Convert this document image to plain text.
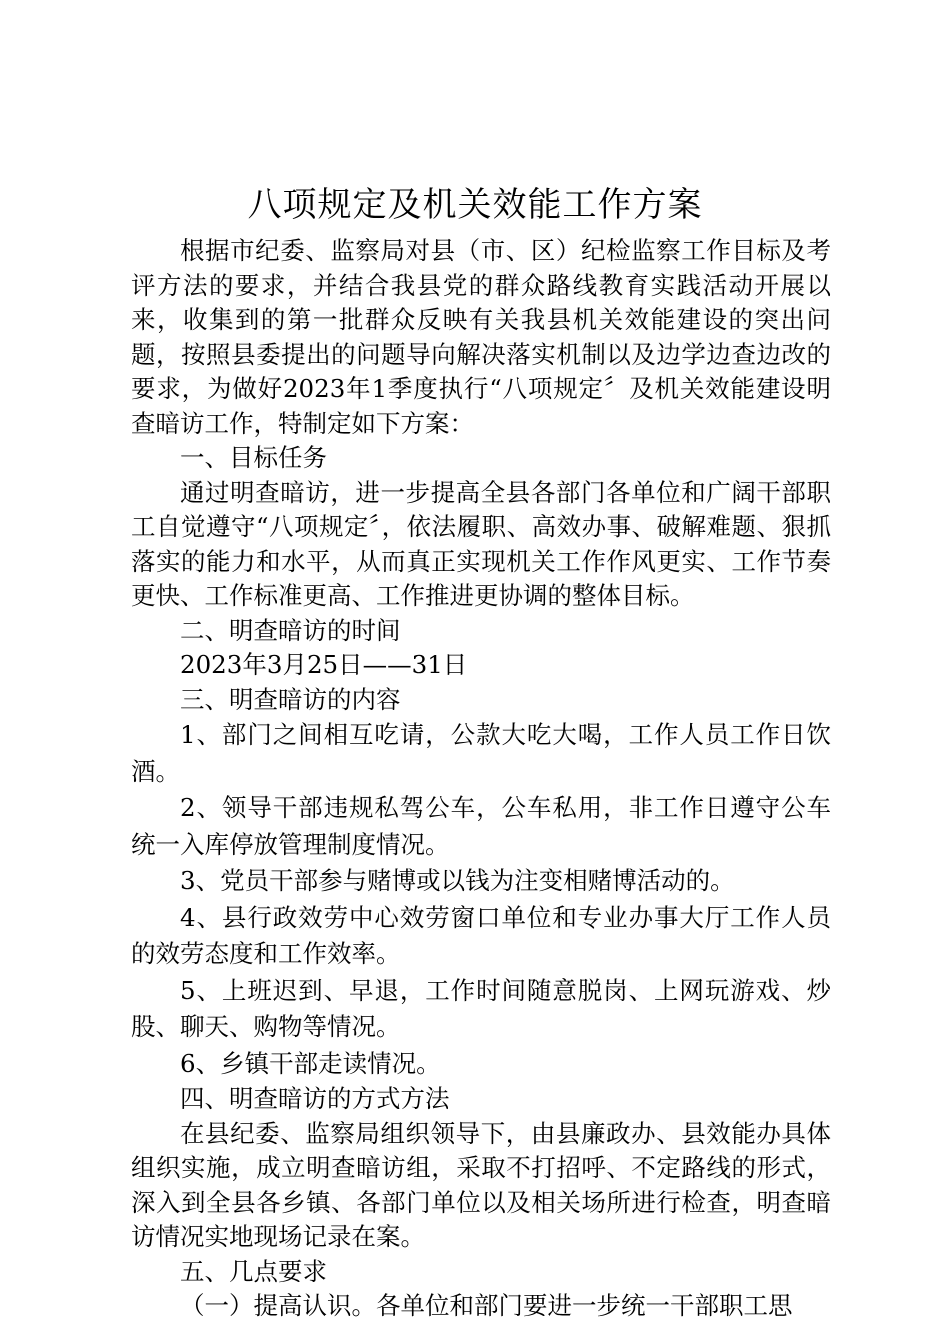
八项规定及机关效能工作方案

根据市纪委、监察局对县（市、区）纪检监察工作目标及考评方法的要求，并结合我县党的群众路线教育实践活动开展以来，收集到的第一批群众反映有关我县机关效能建设的突出问题，按照县委提出的问题导向解决落实机制以及边学边查边改的要求，为做好2023年1季度执行“八项规定〞及机关效能建设明查暗访工作，特制定如下方案：

一、目标任务

通过明查暗访，进一步提高全县各部门各单位和广阔干部职工自觉遵守“八项规定〞，依法履职、高效办事、破解难题、狠抓落实的能力和水平，从而真正实现机关工作作风更实、工作节奏更快、工作标准更高、工作推进更协调的整体目标。

二、明查暗访的时间

2023年3月25日——31日

三、明查暗访的内容

1、部门之间相互吃请，公款大吃大喝，工作人员工作日饮酒。

2、领导干部违规私驾公车，公车私用，非工作日遵守公车统一入库停放管理制度情况。

3、党员干部参与赌博或以钱为注变相赌博活动的。

4、县行政效劳中心效劳窗口单位和专业办事大厅工作人员的效劳态度和工作效率。

5、上班迟到、早退，工作时间随意脱岗、上网玩游戏、炒股、聊天、购物等情况。

6、乡镇干部走读情况。

四、明查暗访的方式方法

在县纪委、监察局组织领导下，由县廉政办、县效能办具体组织实施，成立明查暗访组，采取不打招呼、不定路线的形式，深入到全县各乡镇、各部门单位以及相关场所进行检查，明查暗访情况实地现场记录在案。

五、几点要求

（一）提高认识。各单位和部门要进一步统一干部职工思
